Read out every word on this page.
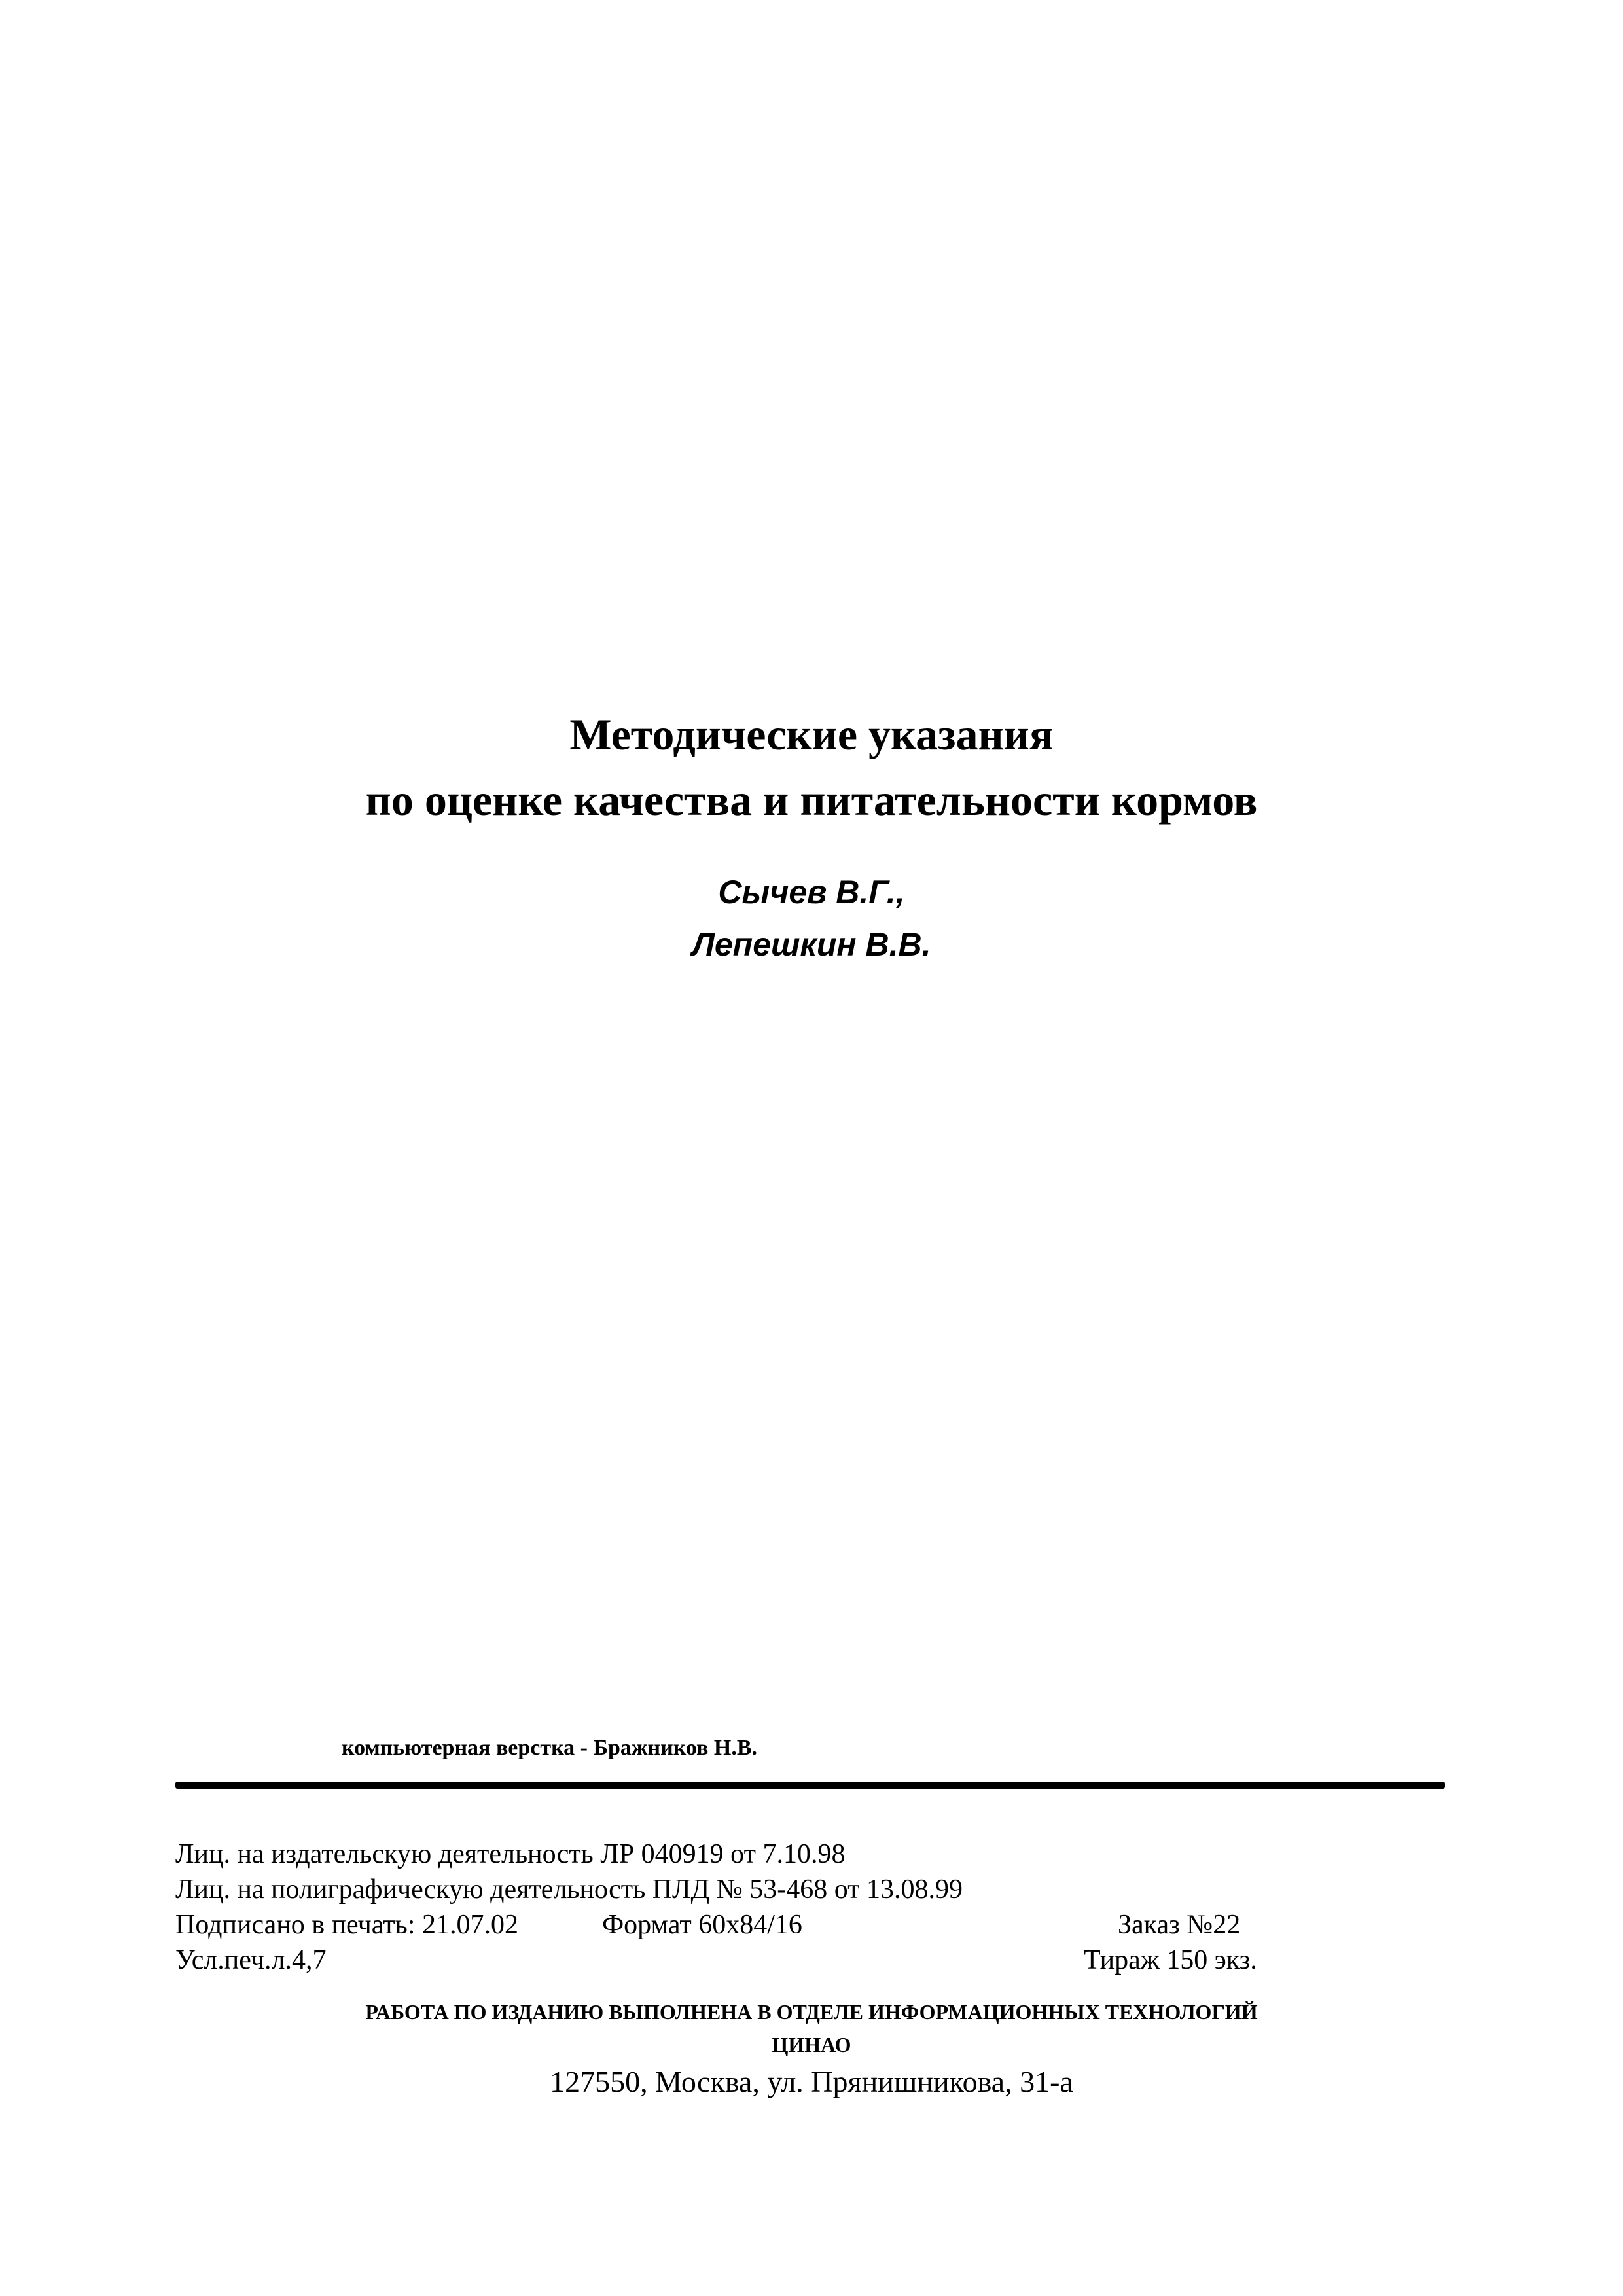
Методические указания
по оценке качества и питательности кормов
Сычев В.Г.,
Лепешкин В.В.
компьютерная верстка - Бражников Н.В.
Лиц. на издательскую деятельность ЛР 040919 от 7.10.98
Лиц. на полиграфическую деятельность ПЛД № 53-468 от 13.08.99
Подписано в печать: 21.07.02	Формат 60x84/16	Заказ №22
Усл.печ.л.4,7	Тираж 150 экз.
РАБОТА ПО ИЗДАНИЮ ВЫПОЛНЕНА В ОТДЕЛЕ ИНФОРМАЦИОННЫХ ТЕХНОЛОГИЙ
ЦИНАО
127550, Москва, ул. Прянишникова, 31-а
